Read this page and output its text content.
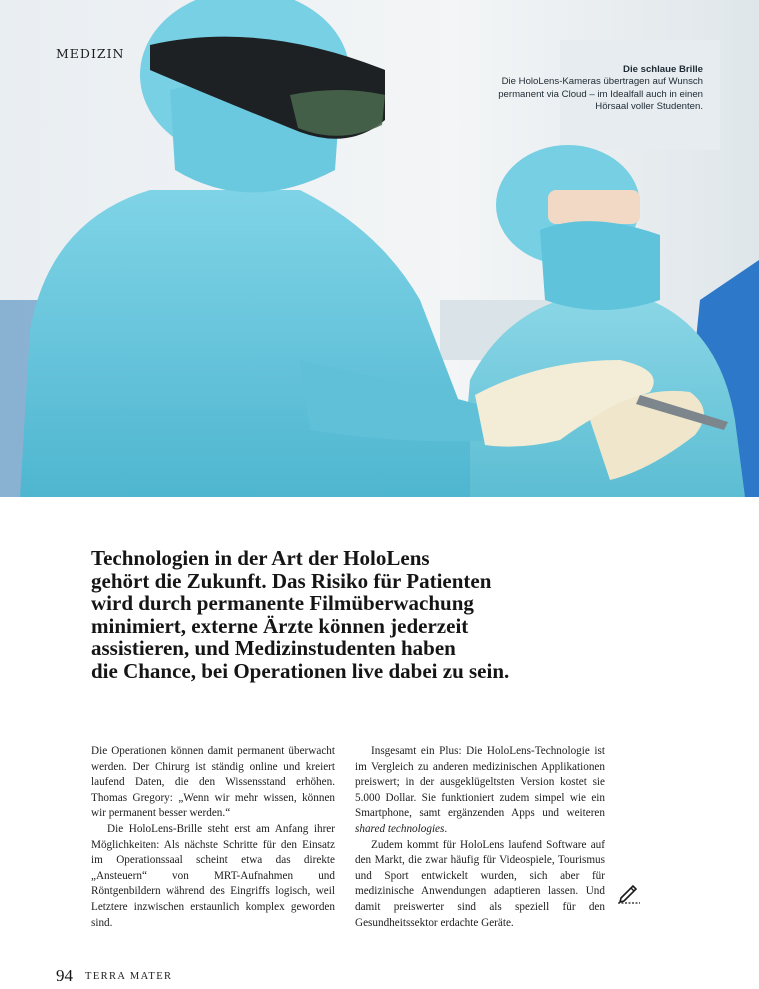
MEDIZIN
Die schlaue Brille
Die HoloLens-Kameras übertragen auf Wunsch permanent via Cloud – im Idealfall auch in einen Hörsaal voller Studenten.
Technologien in der Art der HoloLens
gehört die Zukunft. Das Risiko für Patienten
wird durch permanente Filmüberwachung
minimiert, externe Ärzte können jederzeit
assistieren, und Medizinstudenten haben
die Chance, bei Operationen live dabei zu sein.

Die Operationen können damit permanent überwacht werden. Der Chirurg ist ständig online und kreiert laufend Daten, die den Wissensstand erhöhen. Thomas Gregory: „Wenn wir mehr wissen, können wir permanent besser werden.“

Die HoloLens-Brille steht erst am Anfang ihrer Möglichkeiten: Als nächste Schritte für den Einsatz im Operationssaal scheint etwa das direkte „Ansteuern“ von MRT-Aufnahmen und Röntgenbildern während des Eingriffs logisch, weil Letztere inzwischen erstaunlich komplex geworden sind.

Insgesamt ein Plus: Die HoloLens-Technologie ist im Vergleich zu anderen medizinischen Applikationen preiswert; in der ausgeklügeltsten Version kostet sie 5.000 Dollar. Sie funktioniert zudem simpel wie ein Smartphone, samt ergänzenden Apps und weiteren shared technologies.

Zudem kommt für HoloLens laufend Software auf den Markt, die zwar häufig für Videospiele, Tourismus und Sport entwickelt wurden, sich aber für medizinische Anwendungen adaptieren lassen. Und damit preiswerter sind als speziell für den Gesundheitssektor erdachte Geräte.

94 TERRA MATER
